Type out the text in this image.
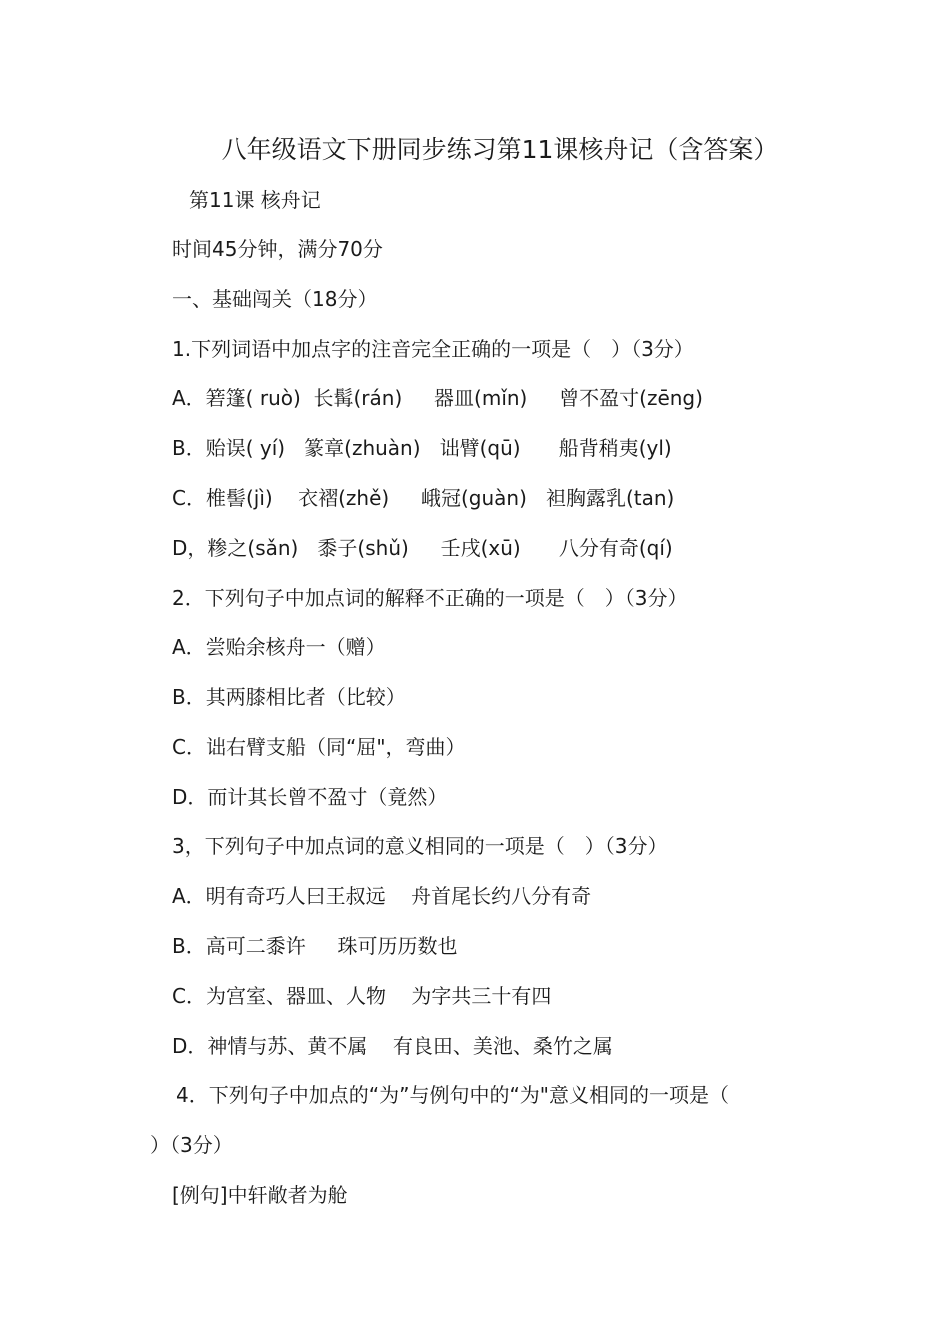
八年级语文下册同步练习第11课核舟记（含答案）
第11课 核舟记
时间45分钟，满分70分
一、基础闯关（18分）
1.下列词语中加点字的注音完全正确的一项是（　）（3分）
A．箬篷( ruò)  长髯(rán)     器皿(mǐn)     曾不盈寸(zēng)
B．贻误( yí)   篆章(zhuàn)   诎臂(qū)      船背稍夷(yl)
C．椎髻(jì)    衣褶(zhě)     峨冠(guàn)   袒胸露乳(tan)
D，糁之(sǎn)   黍子(shǔ)     壬戌(xū)      八分有奇(qí)
2．下列句子中加点词的解释不正确的一项是（　）（3分）
A．尝贻余核舟一（赠）
B．其两膝相比者（比较）
C．诎右臂支船（同“屈"，弯曲）
D．而计其长曾不盈寸（竟然）
3，下列句子中加点词的意义相同的一项是（　）（3分）
A．明有奇巧人曰王叔远    舟首尾长约八分有奇
B．高可二黍许     珠可历历数也
C．为宫室、器皿、人物    为字共三十有四
D．神情与苏、黄不属    有良田、美池、桑竹之属
4．下列句子中加点的“为”与例句中的“为"意义相同的一项是（
）（3分）
[例句]中轩敞者为舱
